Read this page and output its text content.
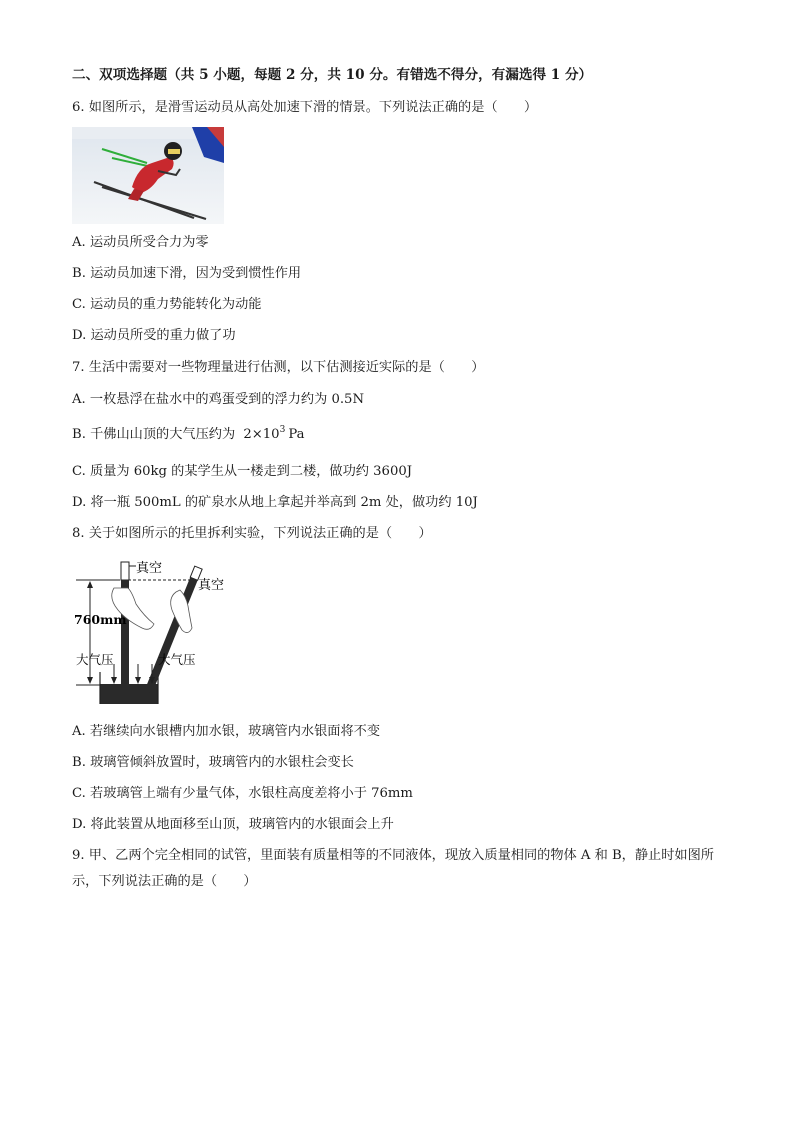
二、双项选择题（共 5 小题，每题 2 分，共 10 分。有错选不得分，有漏选得 1 分）
6. 如图所示，是滑雪运动员从高处加速下滑的情景。下列说法正确的是（　　）
A. 运动员所受合力为零
B. 运动员加速下滑，因为受到惯性作用
C. 运动员的重力势能转化为动能
D. 运动员所受的重力做了功
7. 生活中需要对一些物理量进行估测，以下估测接近实际的是（　　）
A. 一枚悬浮在盐水中的鸡蛋受到的浮力约为 0.5N
B. 千佛山山顶的大气压约为 $2\times 10^3$ Pa
C. 质量为 60kg 的某学生从一楼走到二楼，做功约 3600J
D. 将一瓶 500mL 的矿泉水从地上拿起并举高到 2m 处，做功约 10J
8. 关于如图所示的托里拆利实验，下列说法正确的是（　　）
真空
真空
760mm
大气压	大气压
A. 若继续向水银槽内加水银，玻璃管内水银面将不变
B. 玻璃管倾斜放置时，玻璃管内的水银柱会变长
C. 若玻璃管上端有少量气体，水银柱高度差将小于 76mm
D. 将此装置从地面移至山顶，玻璃管内的水银面会上升
9. 甲、乙两个完全相同的试管，里面装有质量相等的不同液体，现放入质量相同的物体 A 和 B，静止时如图所示，下列说法正确的是（　　）
